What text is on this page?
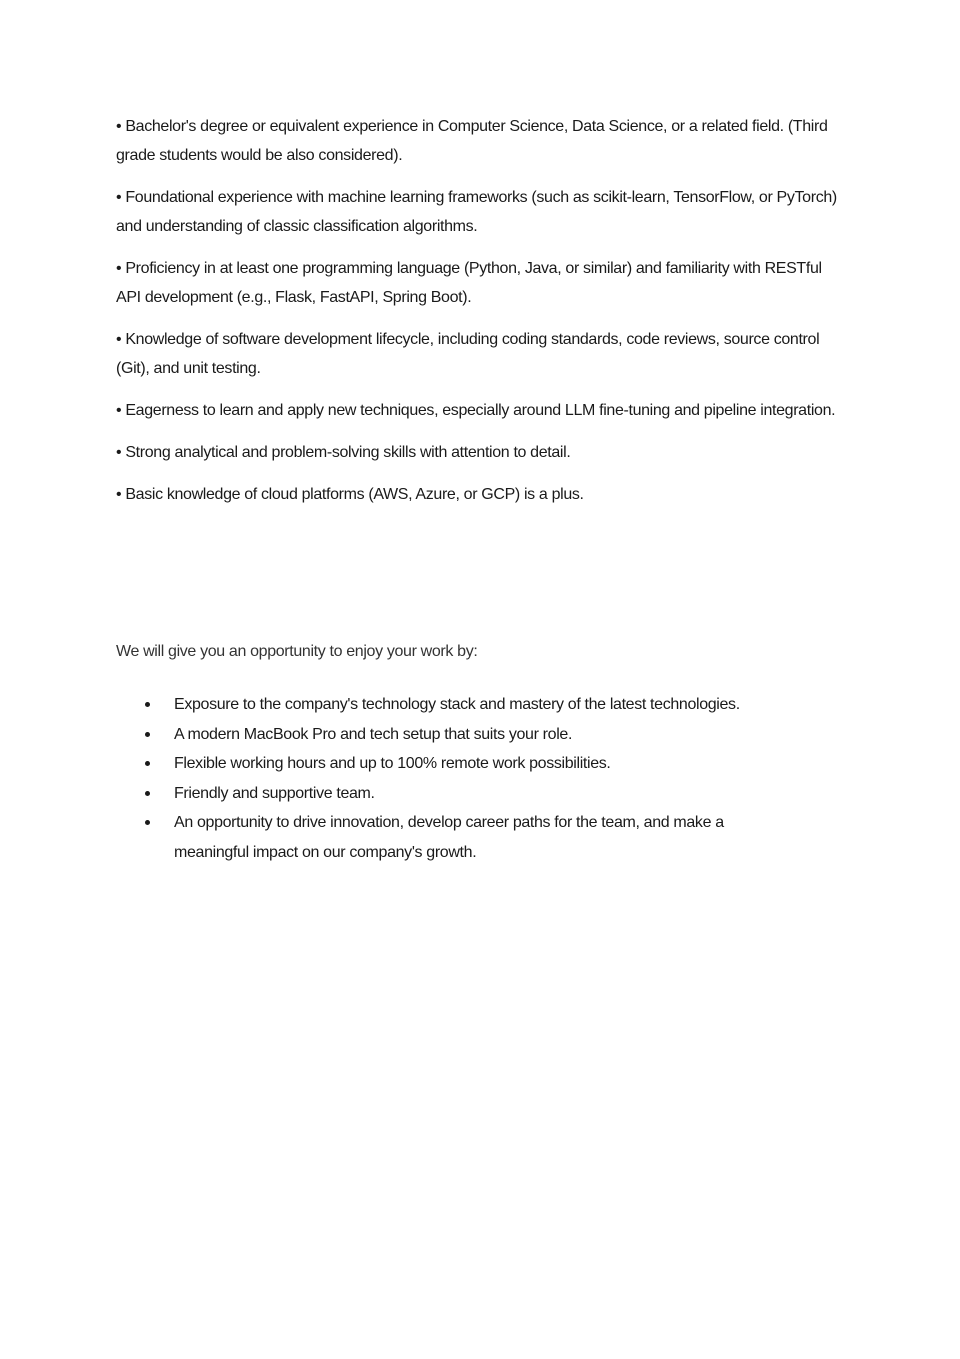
• Bachelor's degree or equivalent experience in Computer Science, Data Science, or a related field. (Third grade students would be also considered).
• Foundational experience with machine learning frameworks (such as scikit-learn, TensorFlow, or PyTorch) and understanding of classic classification algorithms.
• Proficiency in at least one programming language (Python, Java, or similar) and familiarity with RESTful API development (e.g., Flask, FastAPI, Spring Boot).
• Knowledge of software development lifecycle, including coding standards, code reviews, source control (Git), and unit testing.
• Eagerness to learn and apply new techniques, especially around LLM fine-tuning and pipeline integration.
• Strong analytical and problem-solving skills with attention to detail.
• Basic knowledge of cloud platforms (AWS, Azure, or GCP) is a plus.

We will give you an opportunity to enjoy your work by:

Exposure to the company's technology stack and mastery of the latest technologies.
A modern MacBook Pro and tech setup that suits your role.
Flexible working hours and up to 100% remote work possibilities.
Friendly and supportive team.
An opportunity to drive innovation, develop career paths for the team, and make a meaningful impact on our company's growth.
